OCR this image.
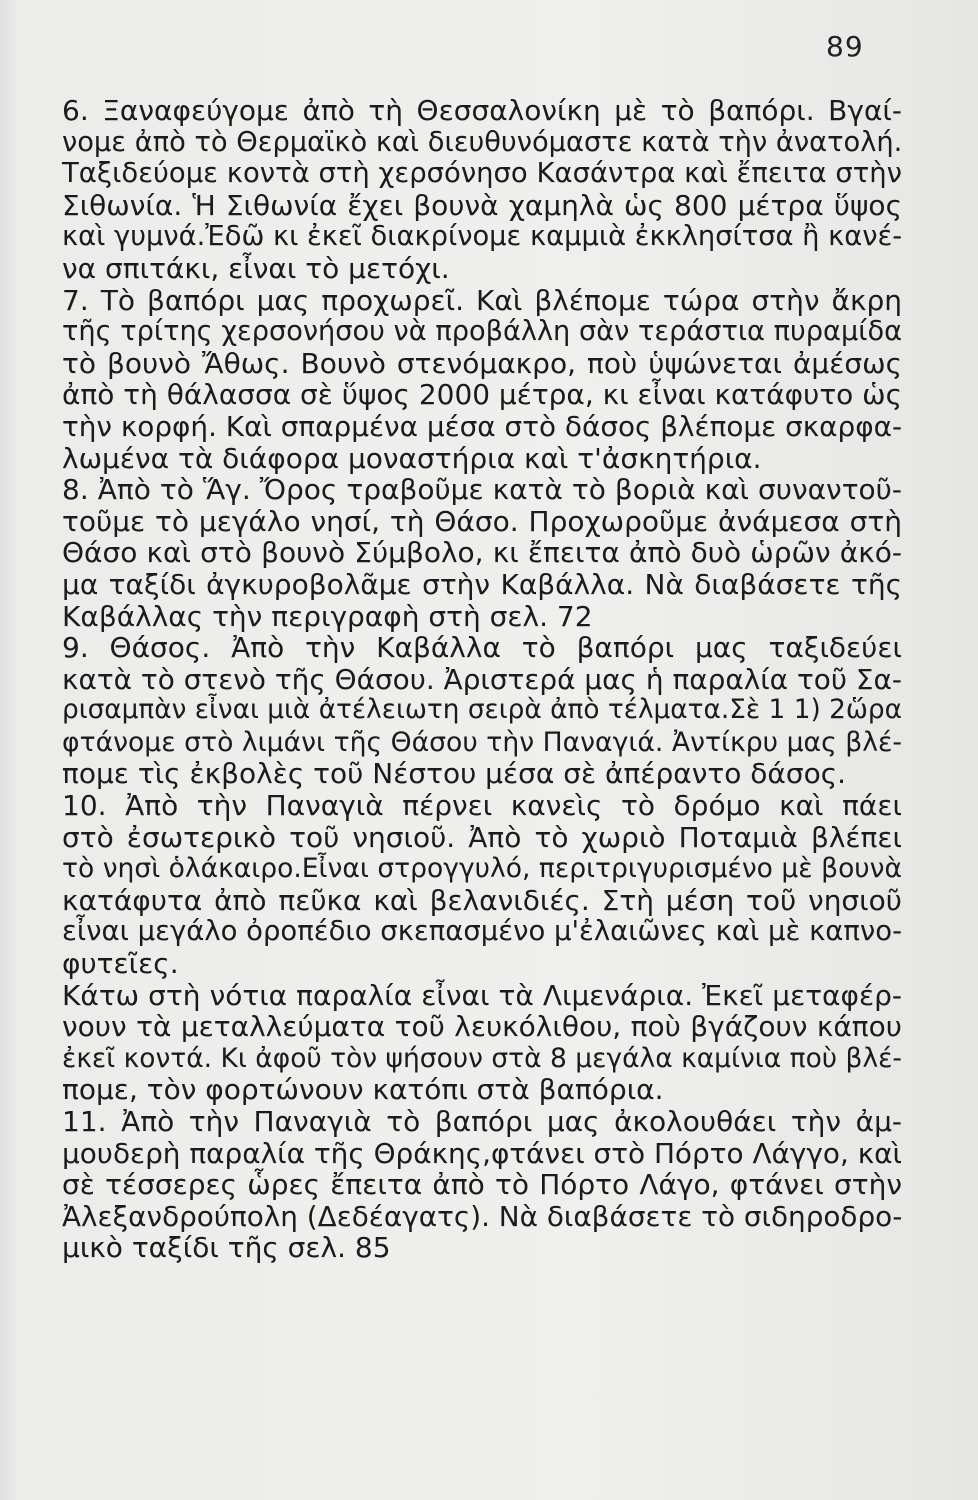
89
6. Ξαναφεύγομε ἀπὸ τὴ Θεσσαλονίκη μὲ τὸ βαπόρι. Βγαί-
νομε ἀπὸ τὸ Θερμαϊκὸ καὶ διευθυνόμαστε κατὰ τὴν ἀνατολή.
Ταξιδεύομε κοντὰ στὴ χερσόνησο Κασάντρα καὶ ἔπειτα στὴν
Σιθωνία. Ἡ Σιθωνία ἔχει βουνὰ χαμηλὰ ὡς 800 μέτρα ὕψος
καὶ γυμνά.Ἐδῶ κι ἐκεῖ διακρίνομε καμμιὰ ἐκκλησίτσα ἢ κανέ-
να σπιτάκι, εἶναι τὸ μετόχι.
7. Τὸ βαπόρι μας προχωρεῖ. Καὶ βλέπομε τώρα στὴν ἄκρη
τῆς τρίτης χερσονήσου νὰ προβάλλη σὰν τεράστια πυραμίδα
τὸ βουνὸ Ἄθως. Βουνὸ στενόμακρο, ποὺ ὑψώνεται ἀμέσως
ἀπὸ τὴ θάλασσα σὲ ὕψος 2000 μέτρα, κι εἶναι κατάφυτο ὡς
τὴν κορφή. Καὶ σπαρμένα μέσα στὸ δάσος βλέπομε σκαρφα-
λωμένα τὰ διάφορα μοναστήρια καὶ τ'ἀσκητήρια.
8. Ἀπὸ τὸ Ἅγ. Ὄρος τραβοῦμε κατὰ τὸ βοριὰ καὶ συναντοῦ-
τοῦμε τὸ μεγάλο νησί, τὴ Θάσο. Προχωροῦμε ἀνάμεσα στὴ
Θάσο καὶ στὸ βουνὸ Σύμβολο, κι ἔπειτα ἀπὸ δυὸ ὡρῶν ἀκό-
μα ταξίδι ἀγκυροβολᾶμε στὴν Καβάλλα. Νὰ διαβάσετε τῆς
Καβάλλας τὴν περιγραφὴ στὴ σελ. 72
9. Θάσος. Ἀπὸ τὴν Καβάλλα τὸ βαπόρι μας ταξιδεύει
κατὰ τὸ στενὸ τῆς Θάσου. Ἀριστερά μας ἡ παραλία τοῦ Σα-
ρισαμπὰν εἶναι μιὰ ἀτέλειωτη σειρὰ ἀπὸ τέλματα.Σὲ 1 1) 2ὥρα
φτάνομε στὸ λιμάνι τῆς Θάσου τὴν Παναγιά. Ἀντίκρυ μας βλέ-
πομε τὶς ἐκβολὲς τοῦ Νέστου μέσα σὲ ἀπέραντο δάσος.
10. Ἀπὸ τὴν Παναγιὰ πέρνει κανεὶς τὸ δρόμο καὶ πάει
στὸ ἐσωτερικὸ τοῦ νησιοῦ. Ἀπὸ τὸ χωριὸ Ποταμιὰ βλέπει
τὸ νησὶ ὁλάκαιρο.Εἶναι στρογγυλό, περιτριγυρισμένο μὲ βουνὰ
κατάφυτα ἀπὸ πεῦκα καὶ βελανιδιές. Στὴ μέση τοῦ νησιοῦ
εἶναι μεγάλο ὀροπέδιο σκεπασμένο μ'ἐλαιῶνες καὶ μὲ καπνο-
φυτεῖες.
Κάτω στὴ νότια παραλία εἶναι τὰ Λιμενάρια. Ἐκεῖ μεταφέρ-
νουν τὰ μεταλλεύματα τοῦ λευκόλιθου, ποὺ βγάζουν κάπου
ἐκεῖ κοντά. Κι ἀφοῦ τὸν ψήσουν στὰ 8 μεγάλα καμίνια ποὺ βλέ-
πομε, τὸν φορτώνουν κατόπι στὰ βαπόρια.
11. Ἀπὸ τὴν Παναγιὰ τὸ βαπόρι μας ἀκολουθάει τὴν ἀμ-
μουδερὴ παραλία τῆς Θράκης,φτάνει στὸ Πόρτο Λάγγο, καὶ
σὲ τέσσερες ὧρες ἔπειτα ἀπὸ τὸ Πόρτο Λάγο, φτάνει στὴν
Ἀλεξανδρούπολη (Δεδέαγατς). Νὰ διαβάσετε τὸ σιδηροδρο-
μικὸ ταξίδι τῆς σελ. 85
